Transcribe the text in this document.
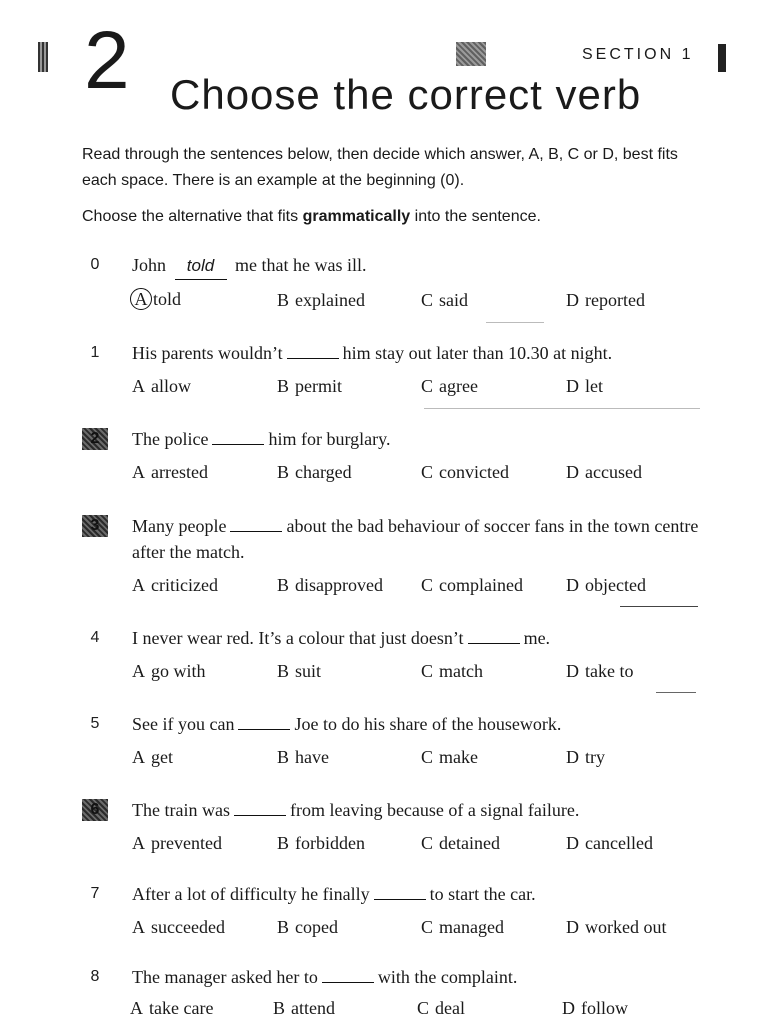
2	SECTION 1
Choose the correct verb
Read through the sentences below, then decide which answer, A, B, C or D, best fits each space. There is an example at the beginning (0).
Choose the alternative that fits grammatically into the sentence.
0	John told me that he was ill.
A told	B explained	C said	D reported
1	His parents wouldn’t	him stay out later than 10.30 at night.
A allow	B permit	C agree	D let
2	The police	him for burglary.
A arrested	B charged	C convicted	D accused
3	Many people	about the bad behaviour of soccer fans in the town centre after the match.
A criticized	B disapproved C complained D objected
4	I never wear red. It’s a colour that just doesn’t	me.
A go with	B suit	C match	D take to
5	See if you can	Joe to do his share of the housework.
A get	B have	C make	D try
6	The train was	from leaving because of a signal failure.
A prevented	B forbidden	C detained	D cancelled
7	After a lot of difficulty he finally	to start the car.
A succeeded	B coped	C managed	D worked out
8	The manager asked her to	with the complaint.
A take care	B attend	C deal	D follow
